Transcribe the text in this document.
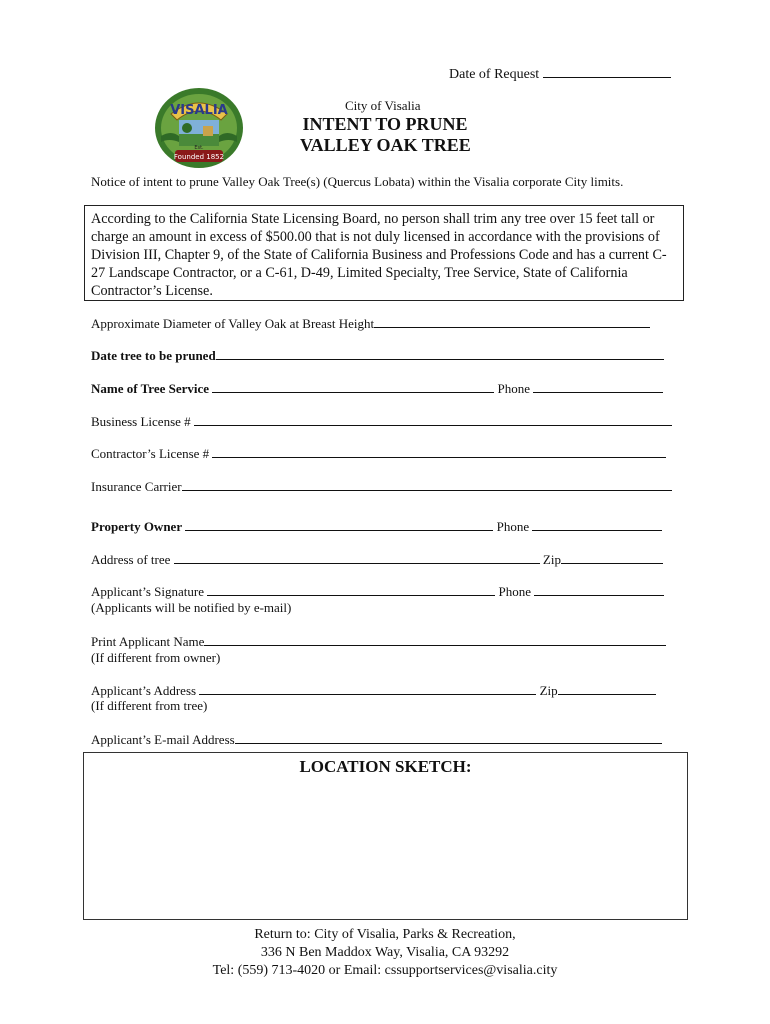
Date of Request
VISALIA
Founded 1852
Est.
City of Visalia
INTENT TO PRUNE
VALLEY OAK TREE
Notice of intent to prune Valley Oak Tree(s) (Quercus Lobata) within the Visalia corporate City limits.

According to the California State Licensing Board, no person shall trim any tree over 15 feet tall or charge an amount in excess of $500.00 that is not duly licensed in accordance with the provisions of Division III, Chapter 9, of the State of California Business and Professions Code and has a current C-27 Landscape Contractor, or a C-61, D-49, Limited Specialty, Tree Service, State of California Contractor’s License.

Approximate Diameter of Valley Oak at Breast Height
Date tree to be pruned
Name of Tree Service	Phone
Business License #
Contractor’s License #
Insurance Carrier
Property Owner	Phone
Address of tree	Zip
Applicant’s Signature	Phone
(Applicants will be notified by e-mail)
Print Applicant Name
(If different from owner)
Applicant’s Address	Zip
(If different from tree)
Applicant’s E-mail Address
LOCATION SKETCH:
Return to: City of Visalia, Parks & Recreation,
336 N Ben Maddox Way, Visalia, CA 93292
Tel: (559) 713-4020 or Email: cssupportservices@visalia.city
